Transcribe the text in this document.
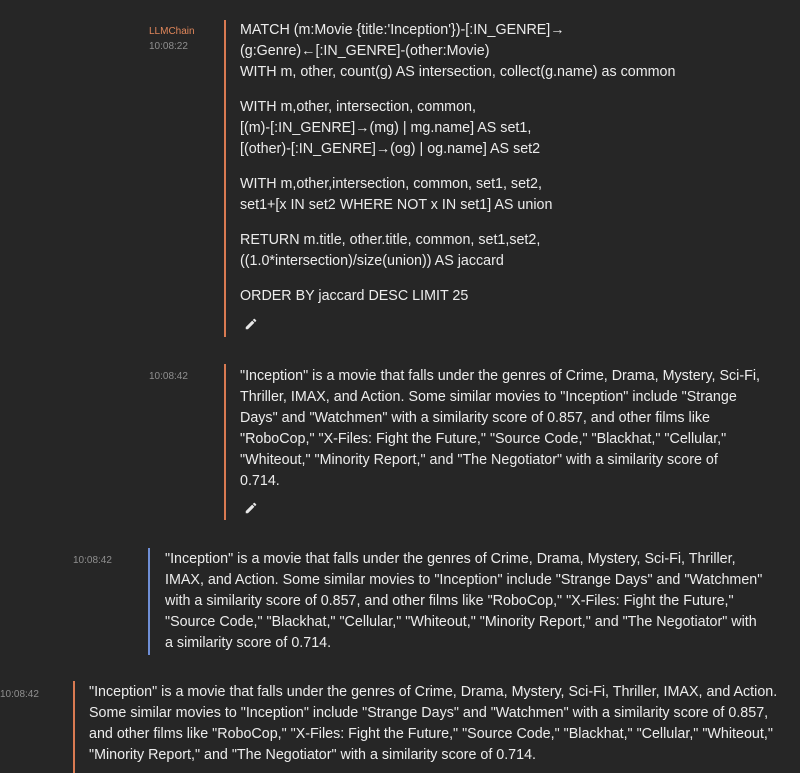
LLMChain
10:08:22
MATCH (m:Movie {title:'Inception'})-[:IN_GENRE]→
(g:Genre)←[:IN_GENRE]-(other:Movie)
WITH m, other, count(g) AS intersection, collect(g.name) as common
WITH m,other, intersection, common,
[(m)-[:IN_GENRE]→(mg) | mg.name] AS set1,
[(other)-[:IN_GENRE]→(og) | og.name] AS set2
WITH m,other,intersection, common, set1, set2,
set1+[x IN set2 WHERE NOT x IN set1] AS union
RETURN m.title, other.title, common, set1,set2,
((1.0*intersection)/size(union)) AS jaccard
ORDER BY jaccard DESC LIMIT 25
10:08:42	"Inception" is a movie that falls under the genres of Crime, Drama, Mystery, Sci-Fi, Thriller, IMAX, and Action. Some similar movies to "Inception" include "Strange Days" and "Watchmen" with a similarity score of 0.857, and other films like "RoboCop," "X-Files: Fight the Future," "Source Code," "Blackhat," "Cellular," "Whiteout," "Minority Report," and "The Negotiator" with a similarity score of 0.714.

10:08:42	"Inception" is a movie that falls under the genres of Crime, Drama, Mystery, Sci-Fi, Thriller, IMAX, and Action. Some similar movies to "Inception" include "Strange Days" and "Watchmen" with a similarity score of 0.857, and other films like "RoboCop," "X-Files: Fight the Future," "Source Code," "Blackhat," "Cellular," "Whiteout," "Minority Report," and "The Negotiator" with a similarity score of 0.714.

10:08:42	"Inception" is a movie that falls under the genres of Crime, Drama, Mystery, Sci-Fi, Thriller, IMAX, and Action. Some similar movies to "Inception" include "Strange Days" and "Watchmen" with a similarity score of 0.857, and other films like "RoboCop," "X-Files: Fight the Future," "Source Code," "Blackhat," "Cellular," "Whiteout," "Minority Report," and "The Negotiator" with a similarity score of 0.714.
